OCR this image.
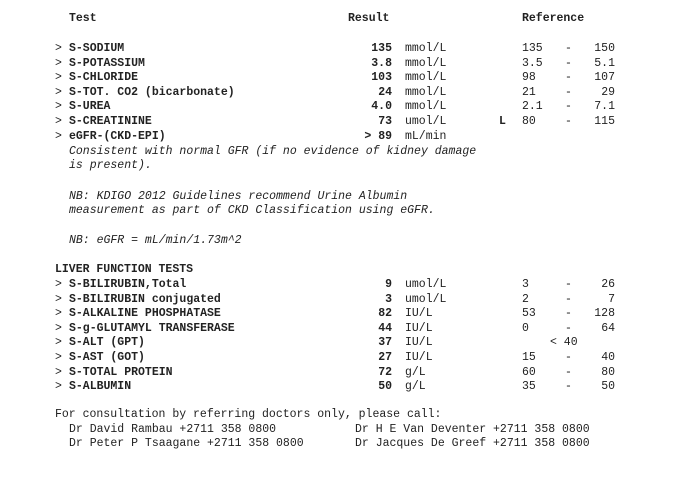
Test	Result	Reference
> S-SODIUM	135 mmol/L	135 -	150
> S-POTASSIUM	3.8 mmol/L	3.5 -	5.1
> S-CHLORIDE	103 mmol/L	98	-	107
> S-TOT. CO2 (bicarbonate)	24 mmol/L	21	-	29
> S-UREA	4.0 mmol/L	2.1 -	7.1
> S-CREATININE	73 umol/L	L 80	-	115
> eGFR-(CKD-EPI)	> 89 mL/min
Consistent with normal GFR (if no evidence of kidney damage
is present).
NB: KDIGO 2012 Guidelines recommend Urine Albumin
measurement as part of CKD Classification using eGFR.
NB: eGFR = mL/min/1.73m^2
LIVER FUNCTION TESTS
> S-BILIRUBIN,Total	9 umol/L	3	-	26
> S-BILIRUBIN conjugated	3 umol/L	2	-	7
> S-ALKALINE PHOSPHATASE	82 IU/L	53	-	128
> S-g-GLUTAMYL TRANSFERASE	44 IU/L	0	-	64
> S-ALT (GPT)	37 IU/L	< 40
> S-AST (GOT)	27 IU/L	15	-	40
> S-TOTAL PROTEIN	72 g/L	60	-	80
> S-ALBUMIN	50 g/L	35	-	50
For consultation by referring doctors only, please call:
Dr David Rambau +2711 358 0800	Dr H E Van Deventer +2711 358 0800
Dr Peter P Tsaagane +2711 358 0800	Dr Jacques De Greef +2711 358 0800
